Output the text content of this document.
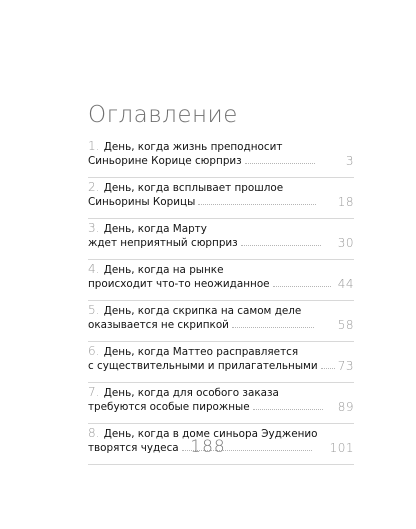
Оглавление
1. День, когда жизнь преподносит
Синьорине Корице сюрприз	3
2. День, когда всплывает прошлое
Синьорины Корицы	18
3. День, когда Марту
ждет неприятный сюрприз	30
4. День, когда на рынке
происходит что-то неожиданное	44
5. День, когда скрипка на самом деле
оказывается не скрипкой	58
6. День, когда Маттео расправляется
с существительными и прилагательными	73
7. День, когда для особого заказа
требуются особые пирожные	89
8. День, когда в доме синьора Эудженио
творятся чудеса	101
188
